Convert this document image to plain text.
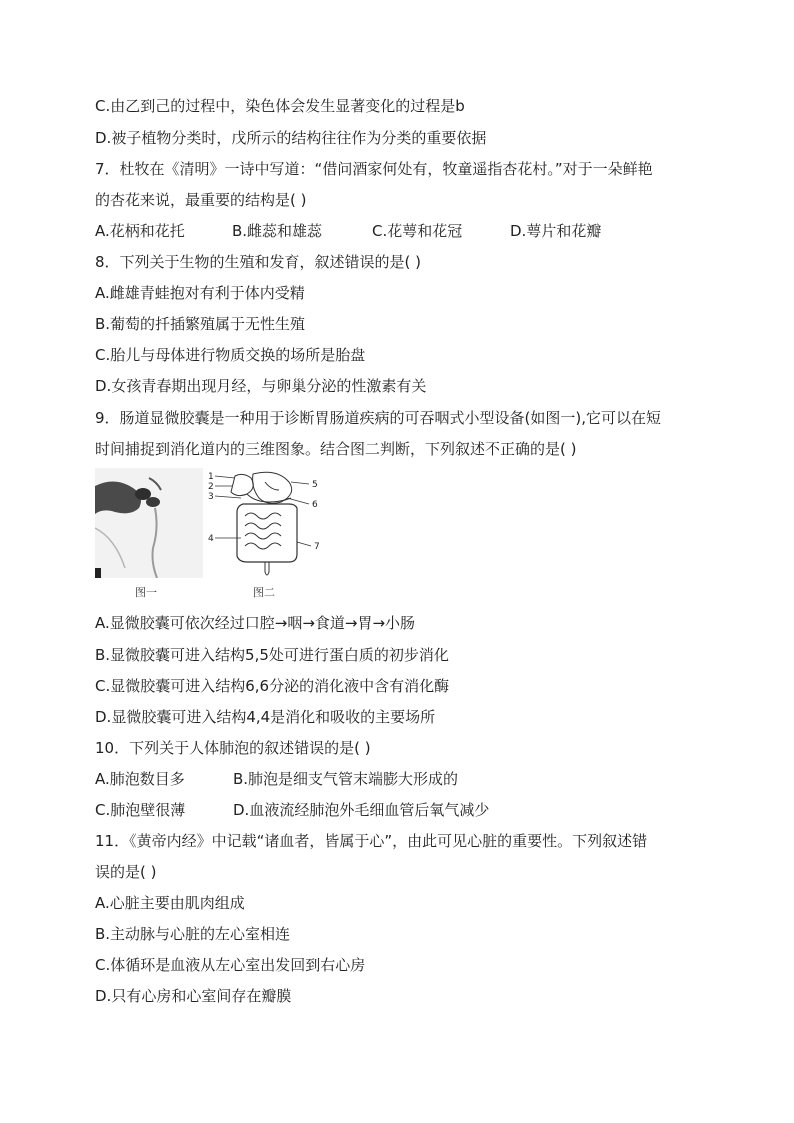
C.由乙到己的过程中，染色体会发生显著变化的过程是b
D.被子植物分类时，戊所示的结构往往作为分类的重要依据
7．杜牧在《清明》一诗中写道：“借问酒家何处有，牧童遥指杏花村。”对于一朵鲜艳
的杏花来说，最重要的结构是( )
A.花柄和花托	B.雌蕊和雄蕊	C.花萼和花冠	D.萼片和花瓣
8．下列关于生物的生殖和发育，叙述错误的是( )
A.雌雄青蛙抱对有利于体内受精
B.葡萄的扦插繁殖属于无性生殖
C.胎儿与母体进行物质交换的场所是胎盘
D.女孩青春期出现月经，与卵巢分泌的性激素有关
9．肠道显微胶囊是一种用于诊断胃肠道疾病的可吞咽式小型设备(如图一),它可以在短
时间捕捉到消化道内的三维图象。结合图二判断，下列叙述不正确的是( )
图一
1
2
3
4
5
6
7
图二
A.显微胶囊可依次经过口腔→咽→食道→胃→小肠
B.显微胶囊可进入结构5,5处可进行蛋白质的初步消化
C.显微胶囊可进入结构6,6分泌的消化液中含有消化酶
D.显微胶囊可进入结构4,4是消化和吸收的主要场所
10．下列关于人体肺泡的叙述错误的是( )
A.肺泡数目多	B.肺泡是细支气管末端膨大形成的
C.肺泡壁很薄	D.血液流经肺泡外毛细血管后氧气减少
11．《黄帝内经》中记载“诸血者，皆属于心”，由此可见心脏的重要性。下列叙述错
误的是( )
A.心脏主要由肌肉组成
B.主动脉与心脏的左心室相连
C.体循环是血液从左心室出发回到右心房
D.只有心房和心室间存在瓣膜
